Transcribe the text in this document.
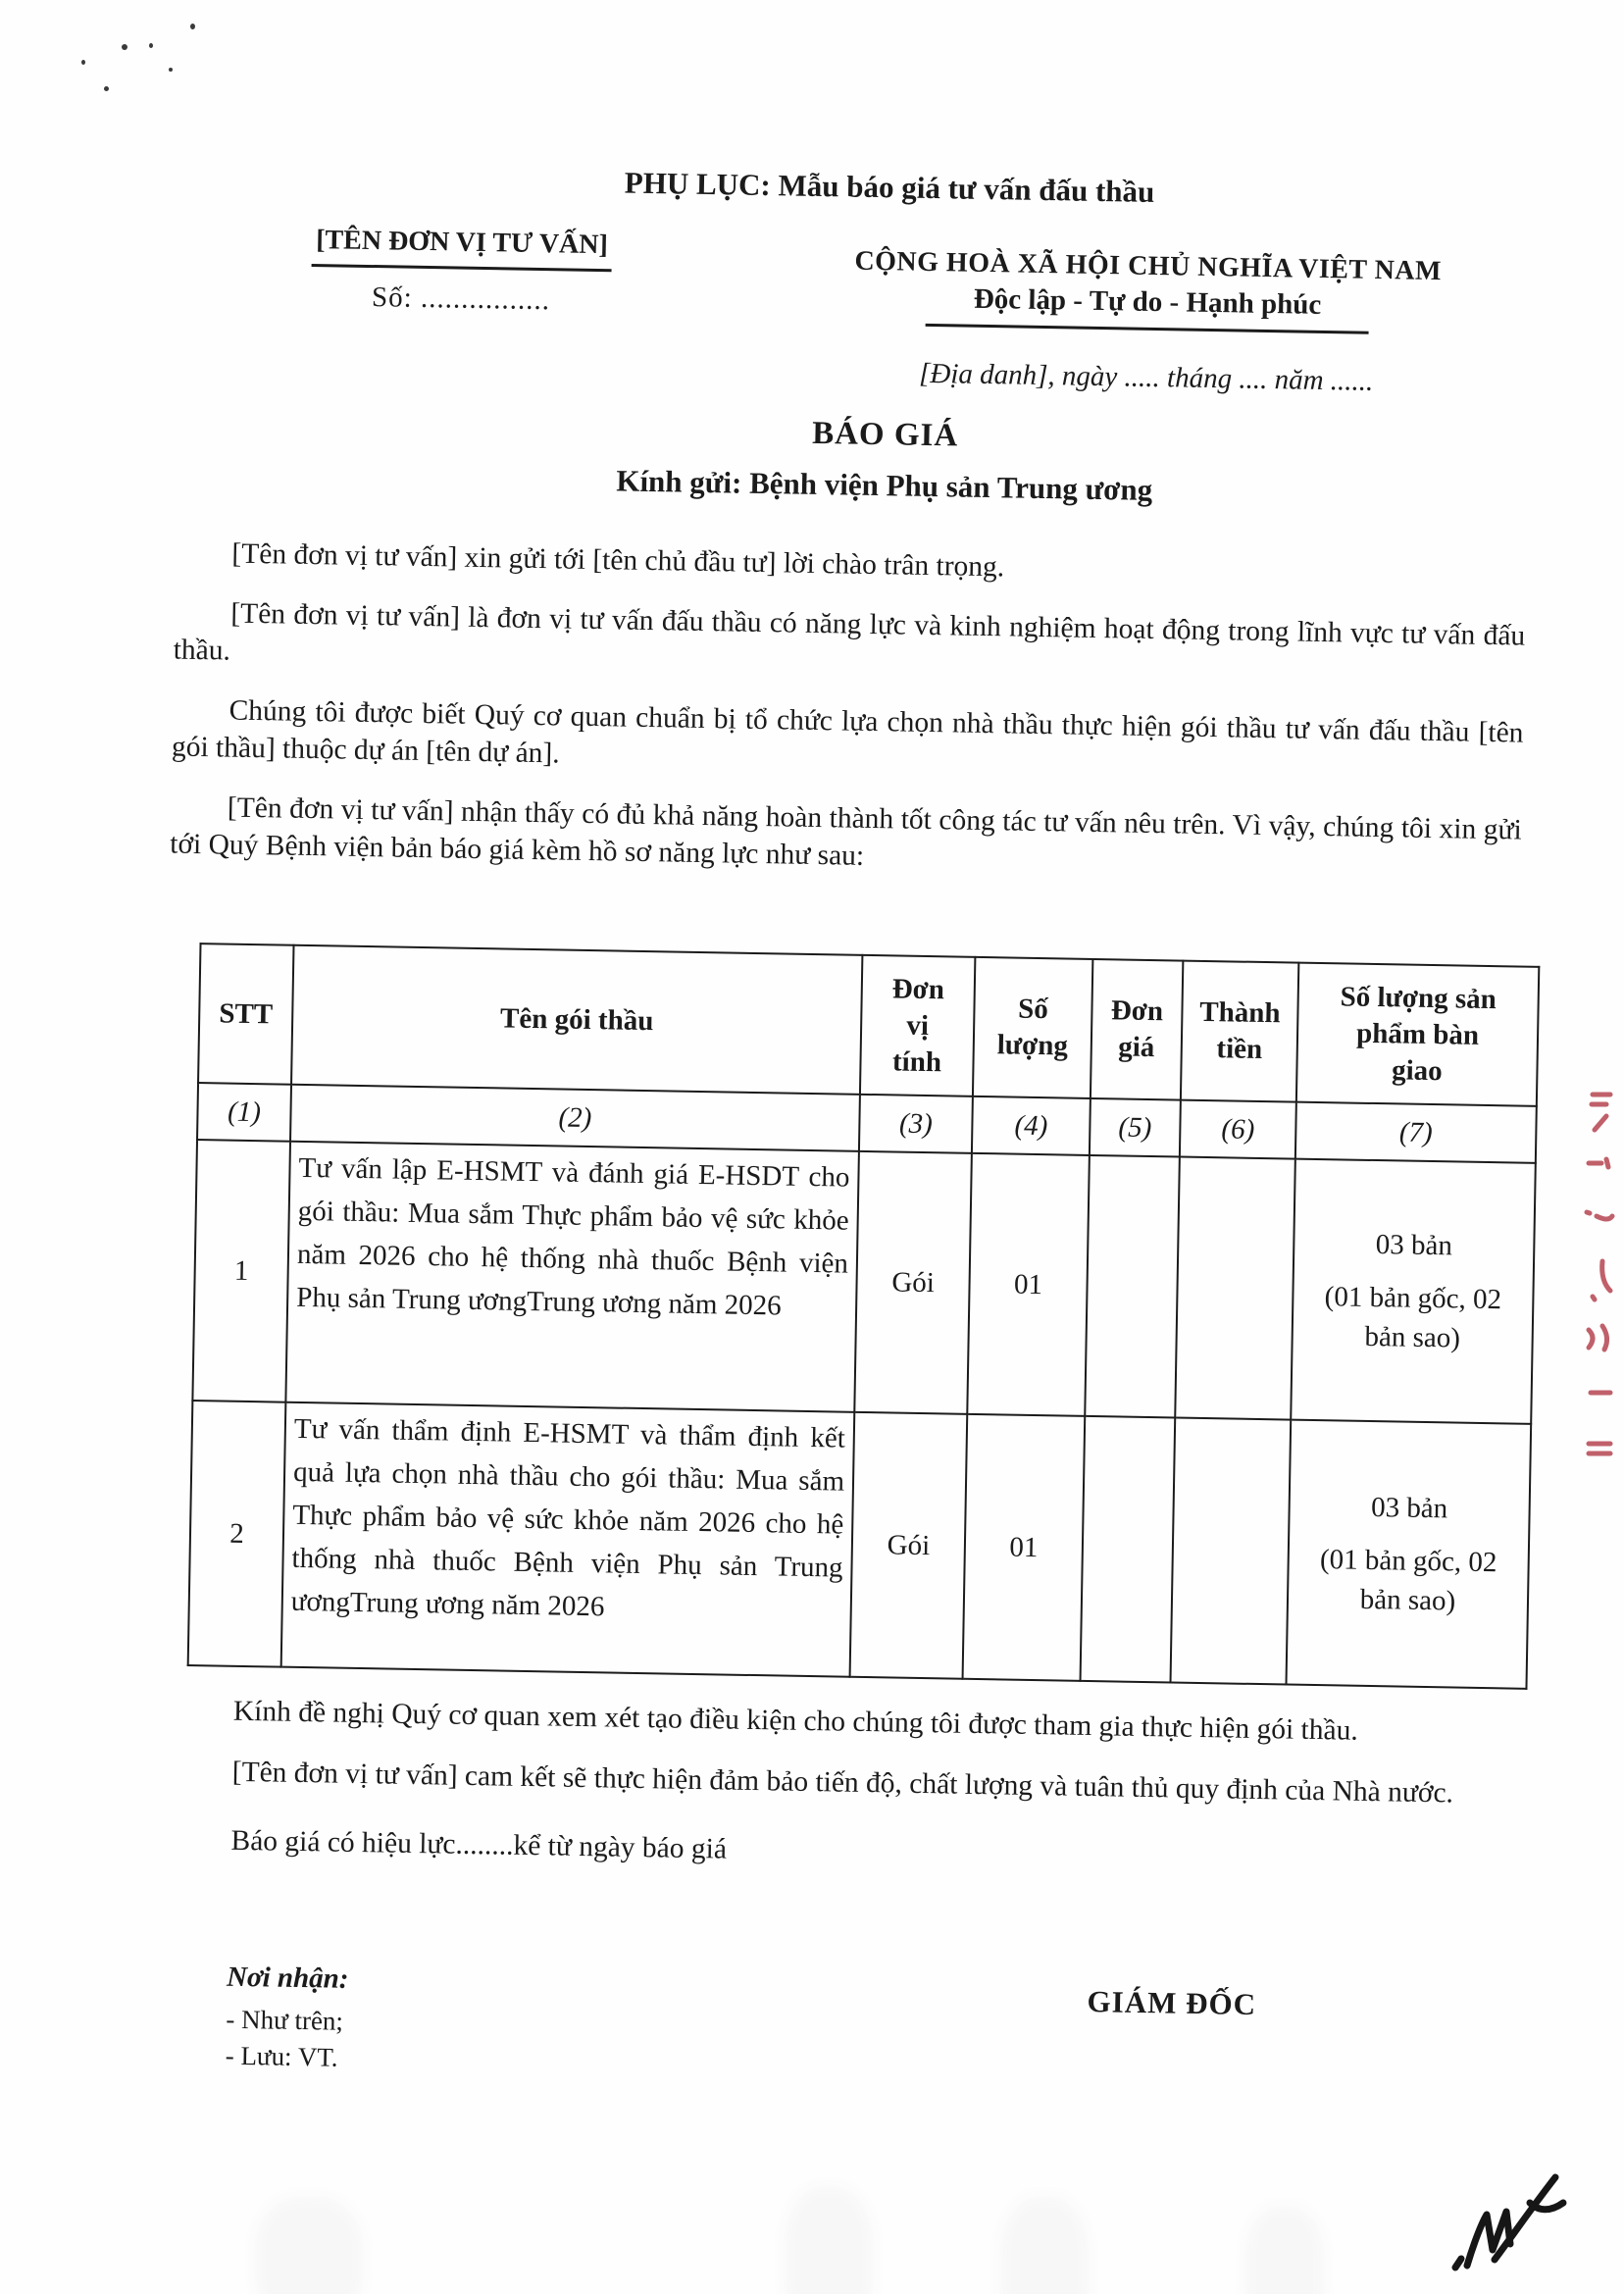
PHỤ LỤC: Mẫu báo giá tư vấn đấu thầu
[TÊN ĐƠN VỊ TƯ VẤN]
Số: ................
CỘNG HOÀ XÃ HỘI CHỦ NGHĨA VIỆT NAM
Độc lập - Tự do - Hạnh phúc
[Địa danh], ngày ..... tháng .... năm ......
BÁO GIÁ
Kính gửi: Bệnh viện Phụ sản Trung ương

[Tên đơn vị tư vấn] xin gửi tới [tên chủ đầu tư] lời chào trân trọng.

[Tên đơn vị tư vấn] là đơn vị tư vấn đấu thầu có năng lực và kinh nghiệm hoạt động trong lĩnh vực tư vấn đấu thầu.

Chúng tôi được biết Quý cơ quan chuẩn bị tổ chức lựa chọn nhà thầu thực hiện gói thầu tư vấn đấu thầu [tên gói thầu] thuộc dự án [tên dự án].

[Tên đơn vị tư vấn] nhận thấy có đủ khả năng hoàn thành tốt công tác tư vấn nêu trên. Vì vậy, chúng tôi xin gửi tới Quý Bệnh viện bản báo giá kèm hồ sơ năng lực như sau:

STT	Tên gói thầu	Đơn vị tính	Số lượng	Đơn giá	Thành tiền	Số lượng sản phẩm bàn giao

(1)	(2)	(3)	(4)	(5)	(6)	(7)
1	Tư vấn lập E-HSMT và đánh giá E-HSDT cho gói thầu: Mua sắm Thực phẩm bảo vệ sức khỏe năm 2026 cho hệ thống nhà thuốc Bệnh viện Phụ sản Trung ươngTrung ương năm 2026	Gói	01			03 bản
(01 bản gốc, 02 bản sao)

2	Tư vấn thẩm định E-HSMT và thẩm định kết quả lựa chọn nhà thầu cho gói thầu: Mua sắm Thực phẩm bảo vệ sức khỏe năm 2026 cho hệ thống nhà thuốc Bệnh viện Phụ sản Trung ươngTrung ương năm 2026	Gói	01			03 bản
(01 bản gốc, 02 bản sao)

Kính đề nghị Quý cơ quan xem xét tạo điều kiện cho chúng tôi được tham gia thực hiện gói thầu.

[Tên đơn vị tư vấn] cam kết sẽ thực hiện đảm bảo tiến độ, chất lượng và tuân thủ quy định của Nhà nước.

Báo giá có hiệu lực........kể từ ngày báo giá
Nơi nhận:
- Như trên;
- Lưu: VT.
GIÁM ĐỐC
